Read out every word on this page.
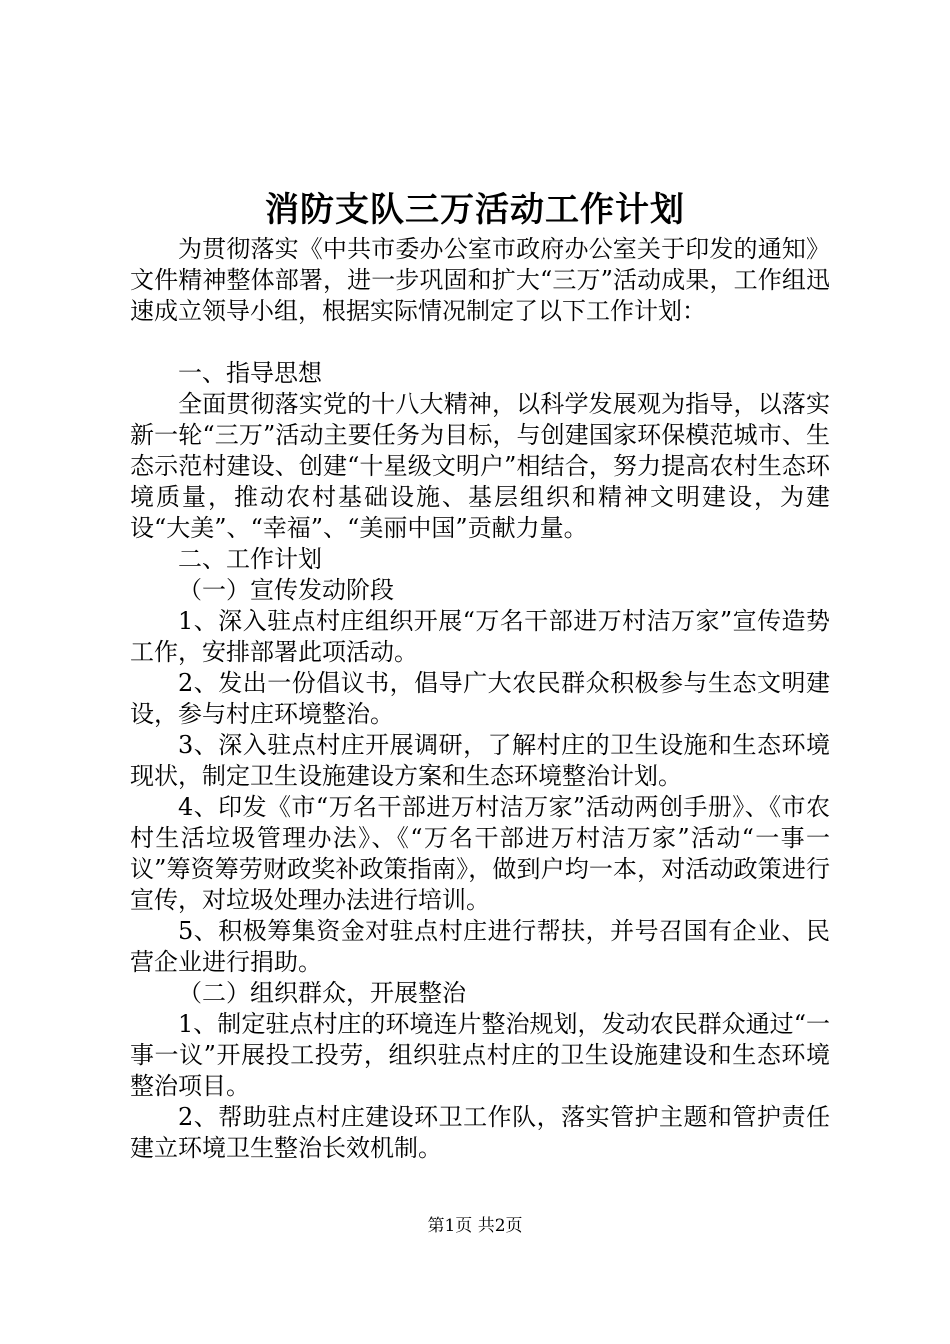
消防支队三万活动工作计划

为贯彻落实《中共市委办公室市政府办公室关于印发的通知》文件精神整体部署，进一步巩固和扩大“三万”活动成果，工作组迅速成立领导小组，根据实际情况制定了以下工作计划：

一、指导思想

全面贯彻落实党的十八大精神，以科学发展观为指导，以落实新一轮“三万”活动主要任务为目标，与创建国家环保模范城市、生态示范村建设、创建“十星级文明户”相结合，努力提高农村生态环境质量，推动农村基础设施、基层组织和精神文明建设，为建设“大美”、“幸福”、“美丽中国”贡献力量。

二、工作计划

（一）宣传发动阶段

1、深入驻点村庄组织开展“万名干部进万村洁万家”宣传造势工作，安排部署此项活动。

2、发出一份倡议书，倡导广大农民群众积极参与生态文明建设，参与村庄环境整治。

3、深入驻点村庄开展调研，了解村庄的卫生设施和生态环境现状，制定卫生设施建设方案和生态环境整治计划。

4、印发《市“万名干部进万村洁万家”活动两创手册》、《市农村生活垃圾管理办法》、《“万名干部进万村洁万家”活动“一事一议”筹资筹劳财政奖补政策指南》，做到户均一本，对活动政策进行宣传，对垃圾处理办法进行培训。

5、积极筹集资金对驻点村庄进行帮扶，并号召国有企业、民营企业进行捐助。

（二）组织群众，开展整治

1、制定驻点村庄的环境连片整治规划，发动农民群众通过“一事一议”开展投工投劳，组织驻点村庄的卫生设施建设和生态环境整治项目。

2、帮助驻点村庄建设环卫工作队，落实管护主题和管护责任建立环境卫生整治长效机制。

第1页 共2页
